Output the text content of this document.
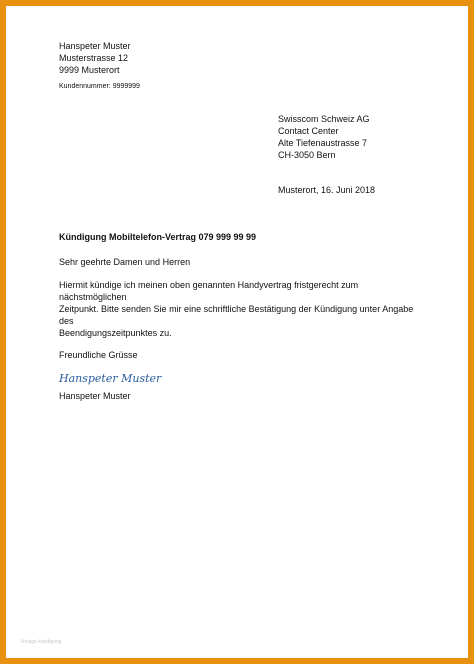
Hanspeter Muster
Musterstrasse 12
9999 Musterort
Kundennummer: 9999999
Swisscom Schweiz AG
Contact Center
Alte Tiefenaustrasse 7
CH-3050 Bern
Musterort, 16. Juni 2018
Kündigung Mobiltelefon-Vertrag 079 999 99 99
Sehr geehrte Damen und Herren
Hiermit kündige ich meinen oben genannten Handyvertrag fristgerecht zum nächstmöglichen
Zeitpunkt. Bitte senden Sie mir eine schriftliche Bestätigung der Kündigung unter Angabe des
Beendigungszeitpunktes zu.
Freundliche Grüsse
Hanspeter Muster
Hanspeter Muster
Vorlage kündigung
